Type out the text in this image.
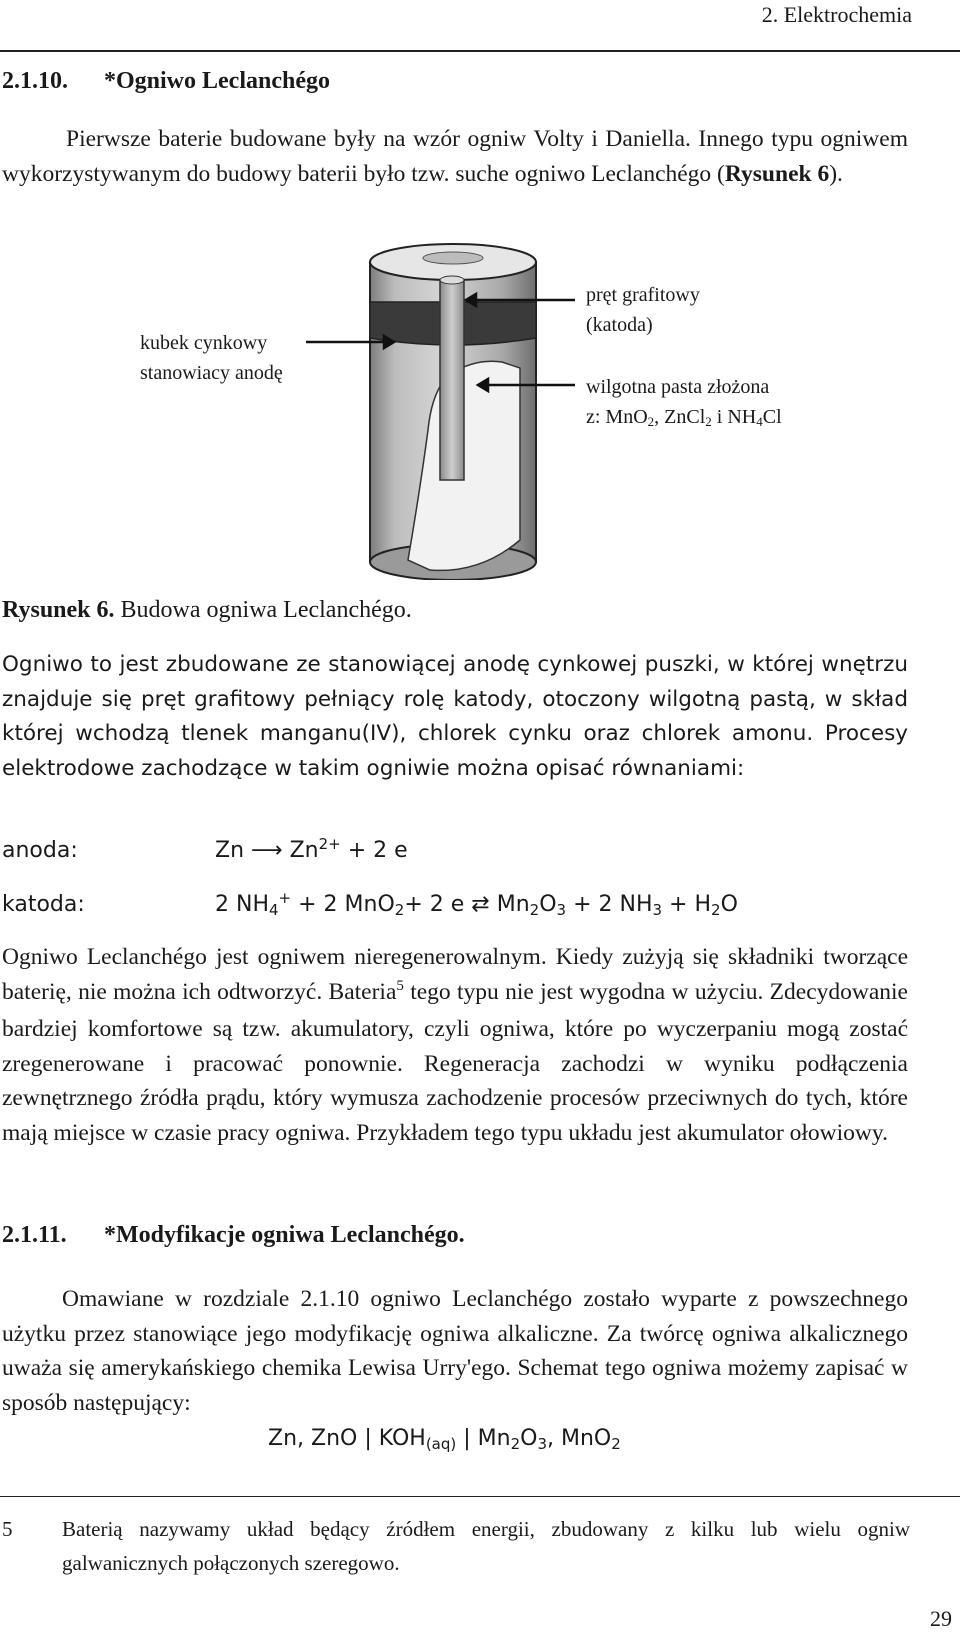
2. Elektrochemia
2.1.10. *Ogniwo Leclanchégo
Pierwsze baterie budowane były na wzór ogniw Volty i Daniella. Innego typu ogniwem wykorzystywanym do budowy baterii było tzw. suche ogniwo Leclanchégo (Rysunek 6).
kubek cynkowy
stanowiacy anodę
pręt grafitowy
(katoda)
wilgotna pasta złożona
z: MnO$_2$, ZnCl$_2$ i $NH_4Cl$
Rysunek 6. Budowa ogniwa Leclanchégo.
Ogniwo to jest zbudowane ze stanowiącej anodę cynkowej puszki, w której wnętrzu znajduje się pręt grafitowy pełniący rolę katody, otoczony wilgotną pastą, w skład której wchodzą tlenek manganu(IV), chlorek cynku oraz chlorek amonu. Procesy elektrodowe zachodzące w takim ogniwie można opisać równaniami:
anoda:	Zn ⟶ $Zn^{2+} + 2$ e
katoda:	2 $NH_4^+ + 2$ MnO$_2$+ 2 e ⇄ $Mn_2O_3 + 2$ $NH_3 + H_2O$
Ogniwo Leclanchégo jest ogniwem nieregenerowalnym. Kiedy zużyją się składniki tworzące baterię, nie można ich odtworzyć. Bateria$^5$ tego typu nie jest wygodna w użyciu. Zdecydowanie bardziej komfortowe są tzw. akumulatory, czyli ogniwa, które po wyczerpaniu mogą zostać zregenerowane i pracować ponownie. Regeneracja zachodzi w wyniku podłączenia zewnętrznego źródła prądu, który wymusza zachodzenie procesów przeciwnych do tych, które mają miejsce w czasie pracy ogniwa. Przykładem tego typu układu jest akumulator ołowiowy.
2.1.11. *Modyfikacje ogniwa Leclanchégo.
Omawiane w rozdziale 2.1.10 ogniwo Leclanchégo zostało wyparte z powszechnego użytku przez stanowiące jego modyfikację ogniwa alkaliczne. Za twórcę ogniwa alkalicznego uważa się amerykańskiego chemika Lewisa Urry'ego. Schemat tego ogniwa możemy zapisać w sposób następujący:
Zn, ZnO | $KOH_{(aq)}$ | $Mn_2O_3$, MnO$_2$
5 Baterią nazywamy układ będący źródłem energii, zbudowany z kilku lub wielu ogniw galwanicznych połączonych szeregowo.
29
